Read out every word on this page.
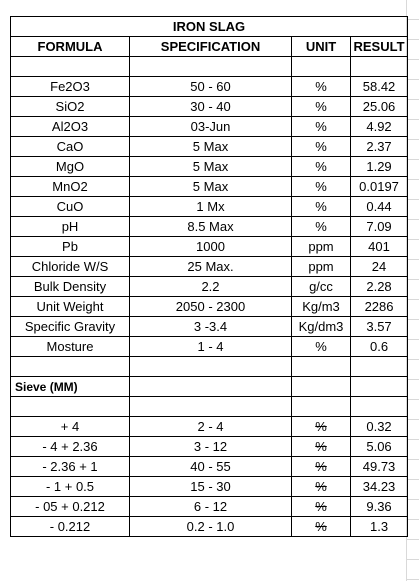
IRON SLAG			
FORMULA	SPECIFICATION	UNIT	RESULT

Fe2O3	50 - 60	%	58.42
SiO2	30 - 40	%	25.06
Al2O3	03-Jun	%	4.92
CaO	5 Max	%	2.37
MgO	5 Max	%	1.29
MnO2	5 Max	%	0.0197
CuO	1 Mx	%	0.44
pH	8.5 Max	%	7.09
Pb	1000	ppm	401
Chloride W/S	25 Max.	ppm	24
Bulk Density	2.2	g/cc	2.28
Unit Weight	2050 - 2300	Kg/m3	2286
Specific Gravity	3 -3.4	Kg/dm3	3.57
Mosture	1 - 4	%	0.6

Sieve (MM)			

+ 4	2 - 4	%	0.32
- 4 + 2.36	3 - 12	%	5.06
- 2.36 + 1	40 - 55	%	49.73
- 1 + 0.5	15 - 30	%	34.23
- 05 + 0.212	6 - 12	%	9.36
- 0.212	0.2 - 1.0	%	1.3
